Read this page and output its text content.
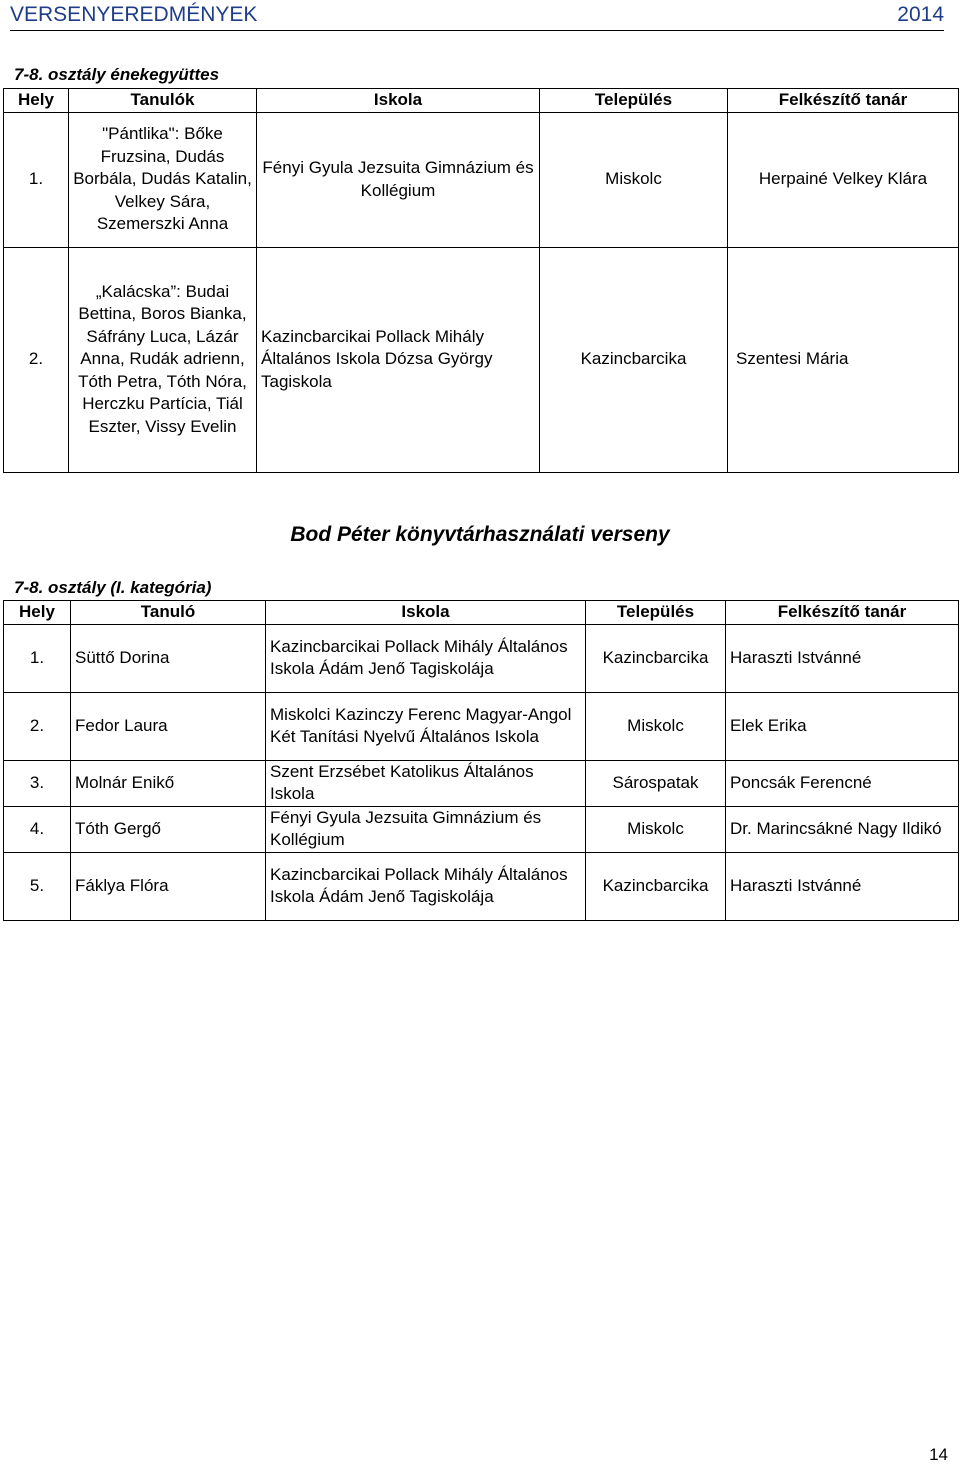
VERSENYEREDMÉNYEK	2014
7-8. osztály énekegyüttes
Hely	Tanulók	Iskola	Település	Felkészítő tanár
1.	"Pántlika": Bőke Fruzsina, Dudás Borbála, Dudás Katalin, Velkey Sára, Szemerszki Anna	Fényi Gyula Jezsuita Gimnázium és Kollégium	Miskolc	Herpainé Velkey Klára
2.	„Kalácska”: Budai Bettina, Boros Bianka, Sáfrány Luca, Lázár Anna, Rudák adrienn, Tóth Petra, Tóth Nóra, Herczku Partícia, Tiál Eszter, Vissy Evelin	Kazincbarcikai Pollack Mihály Általános Iskola Dózsa György Tagiskola	Kazincbarcika	Szentesi Mária
Bod Péter könyvtárhasználati verseny
7-8. osztály (I. kategória)
Hely	Tanuló	Iskola	Település	Felkészítő tanár
1.	Süttő Dorina	Kazincbarcikai Pollack Mihály Általános Iskola Ádám Jenő Tagiskolája	Kazincbarcika	Haraszti Istvánné
2.	Fedor Laura	Miskolci Kazinczy Ferenc Magyar-Angol Két Tanítási Nyelvű Általános Iskola	Miskolc	Elek Erika
3.	Molnár Enikő	Szent Erzsébet Katolikus Általános Iskola	Sárospatak	Poncsák Ferencné
4.	Tóth Gergő	Fényi Gyula Jezsuita Gimnázium és Kollégium	Miskolc	Dr. Marincsákné Nagy Ildikó
5.	Fáklya Flóra	Kazincbarcikai Pollack Mihály Általános Iskola Ádám Jenő Tagiskolája	Kazincbarcika	Haraszti Istvánné
14
